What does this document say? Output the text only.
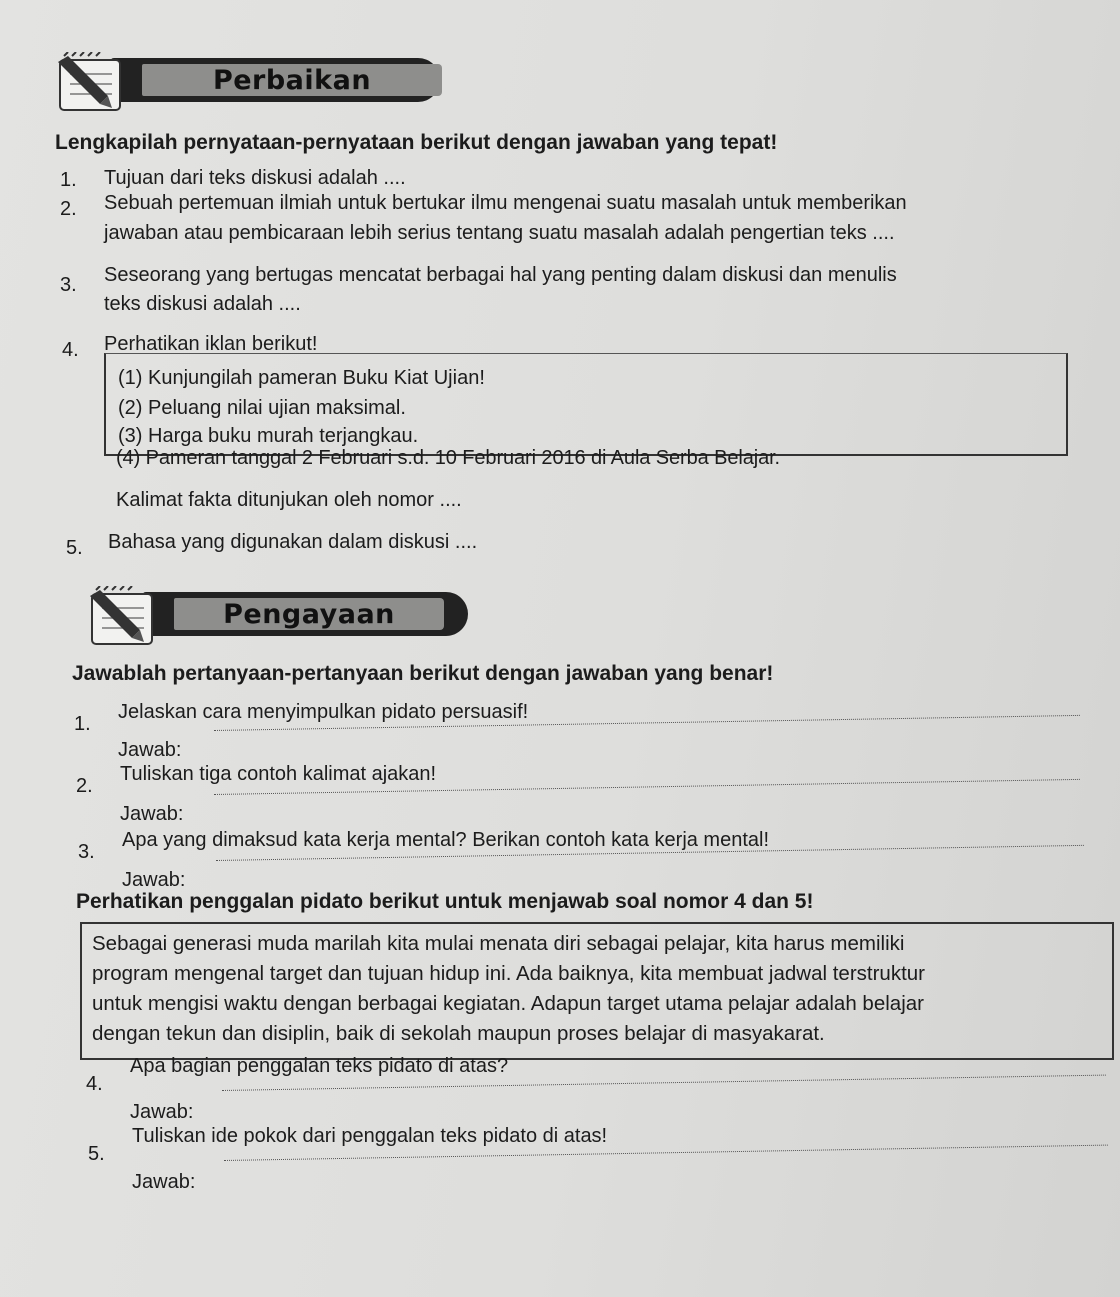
Perbaikan
Lengkapilah pernyataan-pernyataan berikut dengan jawaban yang tepat!
1. Tujuan dari teks diskusi adalah ....
2. Sebuah pertemuan ilmiah untuk bertukar ilmu mengenai suatu masalah untuk memberikan
jawaban atau pembicaraan lebih serius tentang suatu masalah adalah pengertian teks ....
3. Seseorang yang bertugas mencatat berbagai hal yang penting dalam diskusi dan menulis
teks diskusi adalah ....
4. Perhatikan iklan berikut!
(1) Kunjungilah pameran Buku Kiat Ujian!
(2) Peluang nilai ujian maksimal.
(3) Harga buku murah terjangkau.
(4) Pameran tanggal 2 Februari s.d. 10 Februari 2016 di Aula Serba Belajar.
Kalimat fakta ditunjukan oleh nomor ....
5. Bahasa yang digunakan dalam diskusi ....
Pengayaan
Jawablah pertanyaan-pertanyaan berikut dengan jawaban yang benar!
1.
Jelaskan cara menyimpulkan pidato persuasif!
Jawab:
2.
Tuliskan tiga contoh kalimat ajakan!
Jawab:
3.
Apa yang dimaksud kata kerja mental? Berikan contoh kata kerja mental!
Jawab:
Perhatikan penggalan pidato berikut untuk menjawab soal nomor 4 dan 5!
Sebagai generasi muda marilah kita mulai menata diri sebagai pelajar, kita harus memiliki
program mengenal target dan tujuan hidup ini. Ada baiknya, kita membuat jadwal terstruktur
untuk mengisi waktu dengan berbagai kegiatan. Adapun target utama pelajar adalah belajar
dengan tekun dan disiplin, baik di sekolah maupun proses belajar di masyakarat.
4.
Apa bagian penggalan teks pidato di atas?
Jawab:
5.
Tuliskan ide pokok dari penggalan teks pidato di atas!
Jawab:
